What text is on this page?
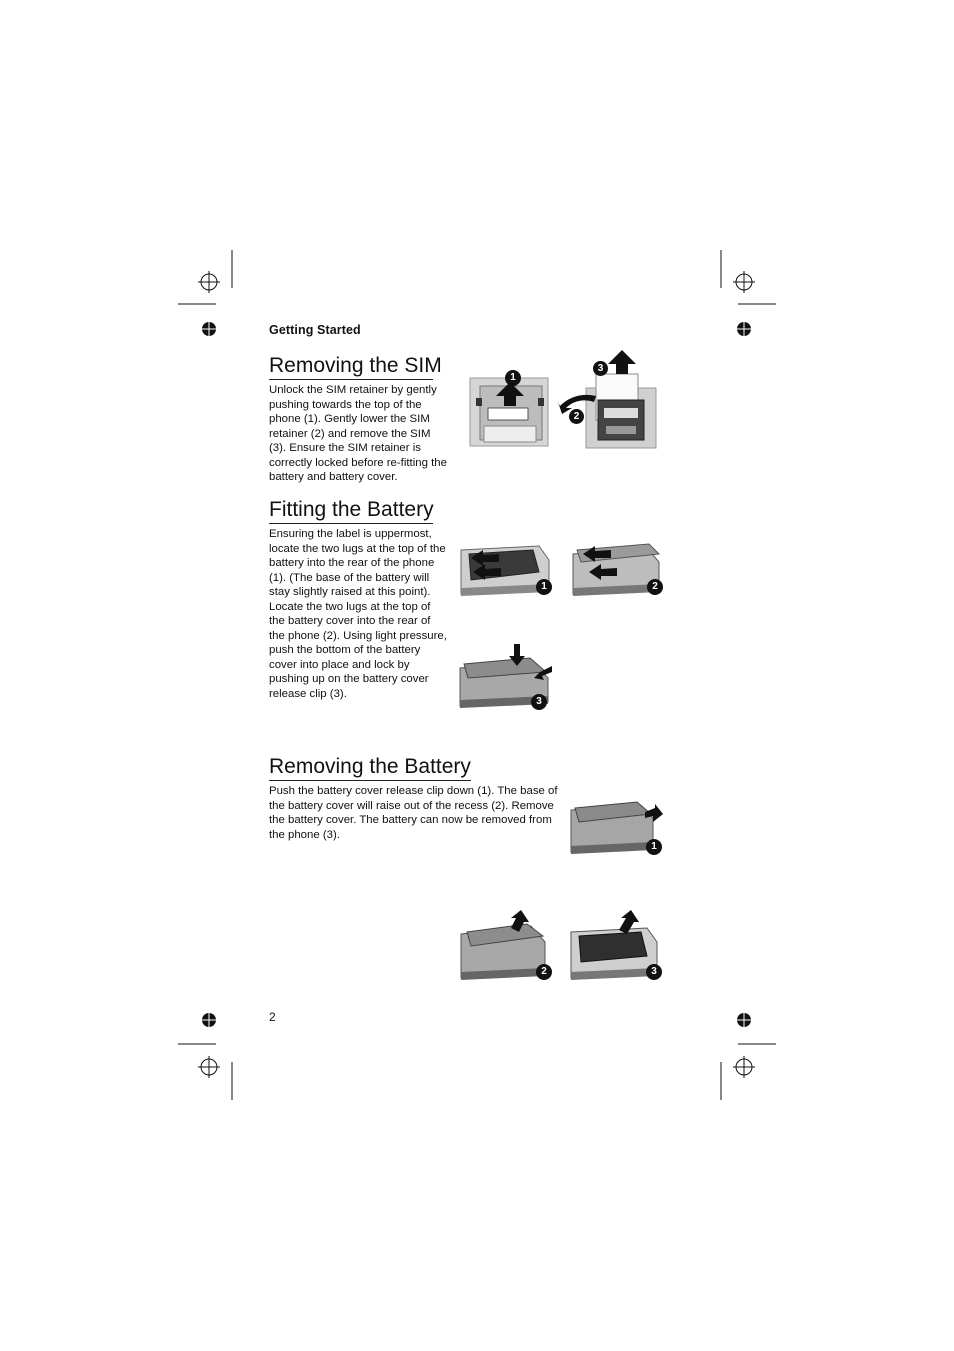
Getting Started
Removing the SIM
Unlock the SIM retainer by gently pushing towards the top of the phone (1). Gently lower the SIM retainer (2) and remove the SIM (3). Ensure the SIM retainer is correctly locked before re-fitting the battery and battery cover.
1
3
2
Fitting the Battery
Ensuring the label is uppermost, locate the two lugs at the top of the battery into the rear of the phone (1). (The base of the battery will stay slightly raised at this point). Locate the two lugs at the top of the battery cover into the rear of the phone (2). Using light pressure, push the bottom of the battery cover into place and lock by pushing up on the battery cover release clip (3).
1	2
3
Removing the Battery
Push the battery cover release clip down (1). The base of the battery cover will raise out of the recess (2). Remove the battery cover. The battery can now be removed from the phone (3).
1
2	3
2
